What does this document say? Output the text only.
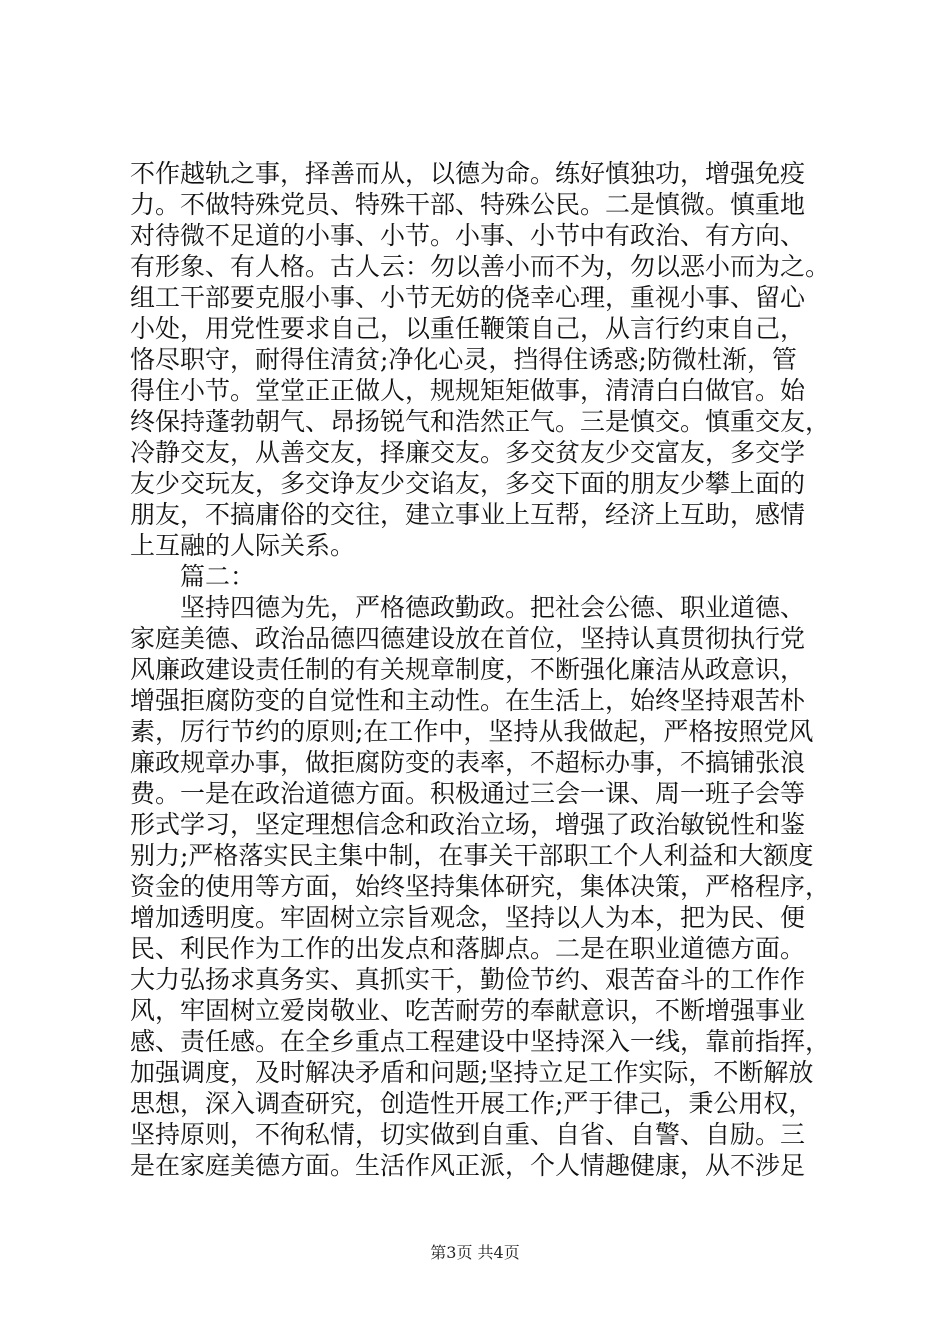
不作越轨之事，择善而从，以德为命。练好慎独功，增强免疫
力。不做特殊党员、特殊干部、特殊公民。二是慎微。慎重地
对待微不足道的小事、小节。小事、小节中有政治、有方向、
有形象、有人格。古人云：勿以善小而不为，勿以恶小而为之。
组工干部要克服小事、小节无妨的侥幸心理，重视小事、留心
小处，用党性要求自己，以重任鞭策自己，从言行约束自己，
恪尽职守，耐得住清贫;净化心灵，挡得住诱惑;防微杜渐，管
得住小节。堂堂正正做人，规规矩矩做事，清清白白做官。始
终保持蓬勃朝气、昂扬锐气和浩然正气。三是慎交。慎重交友，
冷静交友，从善交友，择廉交友。多交贫友少交富友，多交学
友少交玩友，多交诤友少交谄友，多交下面的朋友少攀上面的
朋友，不搞庸俗的交往，建立事业上互帮，经济上互助，感情
上互融的人际关系。
　　篇二：
　　坚持四德为先，严格德政勤政。把社会公德、职业道德、
家庭美德、政治品德四德建设放在首位，坚持认真贯彻执行党
风廉政建设责任制的有关规章制度，不断强化廉洁从政意识，
增强拒腐防变的自觉性和主动性。在生活上，始终坚持艰苦朴
素，厉行节约的原则;在工作中，坚持从我做起，严格按照党风
廉政规章办事，做拒腐防变的表率，不超标办事，不搞铺张浪
费。一是在政治道德方面。积极通过三会一课、周一班子会等
形式学习，坚定理想信念和政治立场，增强了政治敏锐性和鉴
别力;严格落实民主集中制，在事关干部职工个人利益和大额度
资金的使用等方面，始终坚持集体研究，集体决策，严格程序，
增加透明度。牢固树立宗旨观念，坚持以人为本，把为民、便
民、利民作为工作的出发点和落脚点。二是在职业道德方面。
大力弘扬求真务实、真抓实干，勤俭节约、艰苦奋斗的工作作
风，牢固树立爱岗敬业、吃苦耐劳的奉献意识，不断增强事业
感、责任感。在全乡重点工程建设中坚持深入一线，靠前指挥，
加强调度，及时解决矛盾和问题;坚持立足工作实际，不断解放
思想，深入调查研究，创造性开展工作;严于律己，秉公用权，
坚持原则，不徇私情，切实做到自重、自省、自警、自励。三
是在家庭美德方面。生活作风正派，个人情趣健康，从不涉足
第3页 共4页
